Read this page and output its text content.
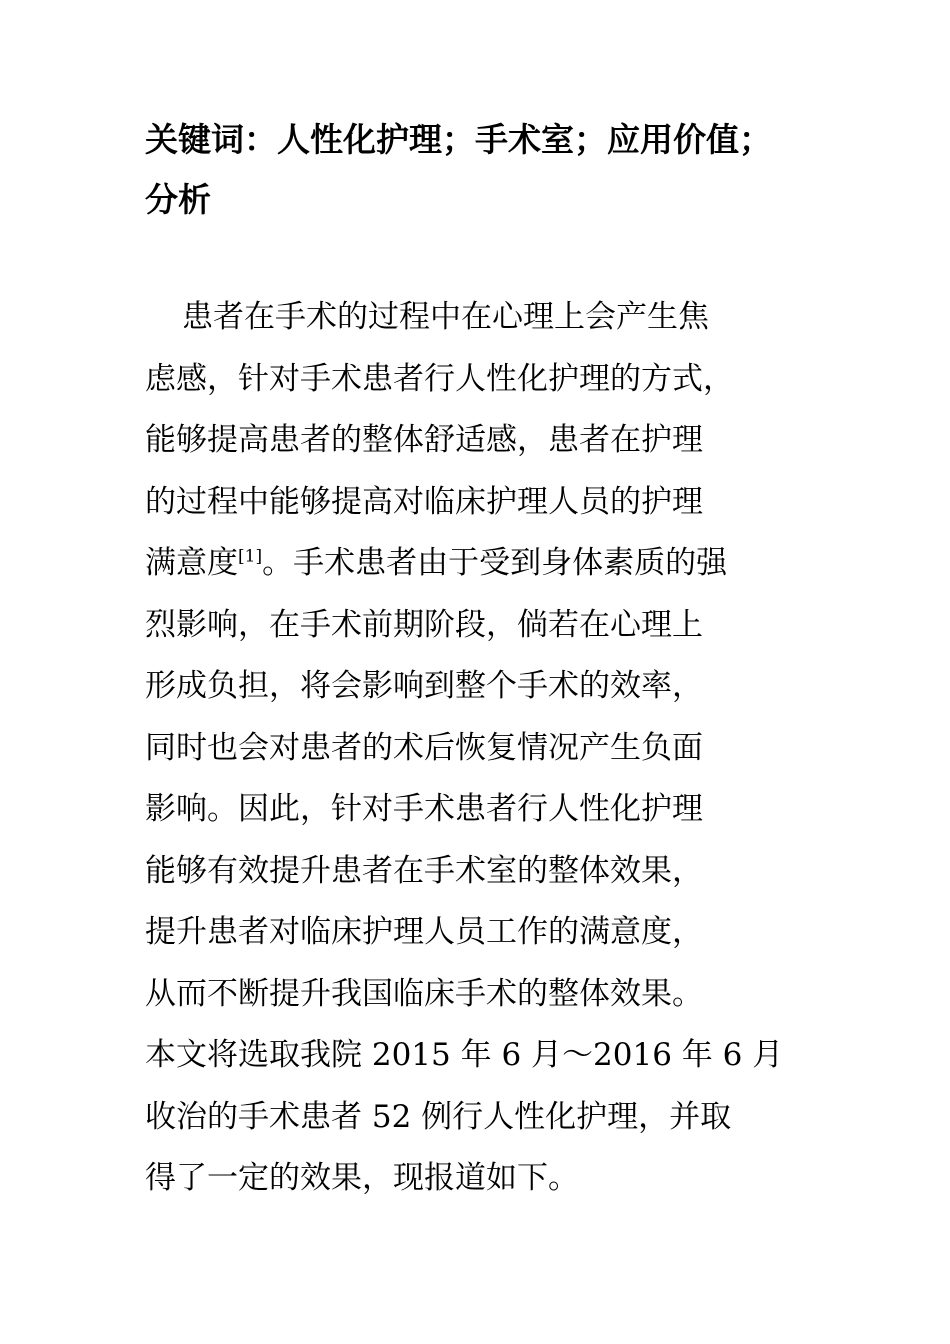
关键词：人性化护理；手术室；应用价值；
分析

患者在手术的过程中在心理上会产生焦
虑感，针对手术患者行人性化护理的方式，
能够提高患者的整体舒适感，患者在护理
的过程中能够提高对临床护理人员的护理
满意度[1]。手术患者由于受到身体素质的强
烈影响，在手术前期阶段，倘若在心理上
形成负担，将会影响到整个手术的效率，
同时也会对患者的术后恢复情况产生负面
影响。因此，针对手术患者行人性化护理
能够有效提升患者在手术室的整体效果，
提升患者对临床护理人员工作的满意度，
从而不断提升我国临床手术的整体效果。
本文将选取我院 2015 年 6 月～2016 年 6 月
收治的手术患者 52 例行人性化护理，并取
得了一定的效果，现报道如下。
